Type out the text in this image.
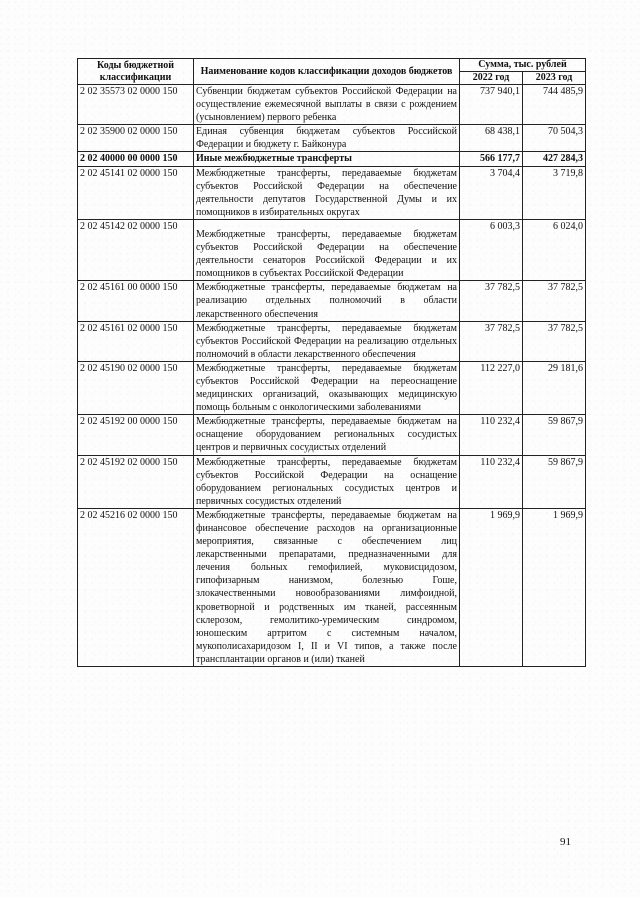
Коды бюджетной классификации	Наименование кодов классификации доходов бюджетов	Сумма, тыс. рублей	
		2022 год	2023 год
2 02 35573 02 0000 150	Субвенции бюджетам субъектов Российской Федерации на осуществление ежемесячной выплаты в связи с рождением (усыновлением) первого ребенка	737 940,1	744 485,9
2 02 35900 02 0000 150	Единая субвенция бюджетам субъектов Российской Федерации и бюджету г. Байконура	68 438,1	70 504,3
2 02 40000 00 0000 150	Иные межбюджетные трансферты	566 177,7	427 284,3
2 02 45141 02 0000 150	Межбюджетные трансферты, передаваемые бюджетам субъектов Российской Федерации на обеспечение деятельности депутатов Государственной Думы и их помощников в избирательных округах	3 704,4	3 719,8
2 02 45142 02 0000 150	Межбюджетные трансферты, передаваемые бюджетам субъектов Российской Федерации на обеспечение деятельности сенаторов Российской Федерации и их помощников в субъектах Российской Федерации	6 003,3	6 024,0
2 02 45161 00 0000 150	Межбюджетные трансферты, передаваемые бюджетам на реализацию отдельных полномочий в области лекарственного обеспечения	37 782,5	37 782,5
2 02 45161 02 0000 150	Межбюджетные трансферты, передаваемые бюджетам субъектов Российской Федерации на реализацию отдельных полномочий в области лекарственного обеспечения	37 782,5	37 782,5
2 02 45190 02 0000 150	Межбюджетные трансферты, передаваемые бюджетам субъектов Российской Федерации на переоснащение медицинских организаций, оказывающих медицинскую помощь больным с онкологическими заболеваниями	112 227,0	29 181,6
2 02 45192 00 0000 150	Межбюджетные трансферты, передаваемые бюджетам на оснащение оборудованием региональных сосудистых центров и первичных сосудистых отделений	110 232,4	59 867,9
2 02 45192 02 0000 150	Межбюджетные трансферты, передаваемые бюджетам субъектов Российской Федерации на оснащение оборудованием региональных сосудистых центров и первичных сосудистых отделений	110 232,4	59 867,9
2 02 45216 02 0000 150	Межбюджетные трансферты, передаваемые бюджетам на финансовое обеспечение расходов на организационные мероприятия, связанные с обеспечением лиц лекарственными препаратами, предназначенными для лечения больных гемофилией, муковисцидозом, гипофизарным нанизмом, болезнью Гоше, злокачественными новообразованиями лимфоидной, кроветворной и родственных им тканей, рассеянным склерозом, гемолитико-уремическим синдромом, юношеским артритом с системным началом, мукополисахаридозом I, II и VI типов, а также после трансплантации органов и (или) тканей	1 969,9	1 969,9
91
